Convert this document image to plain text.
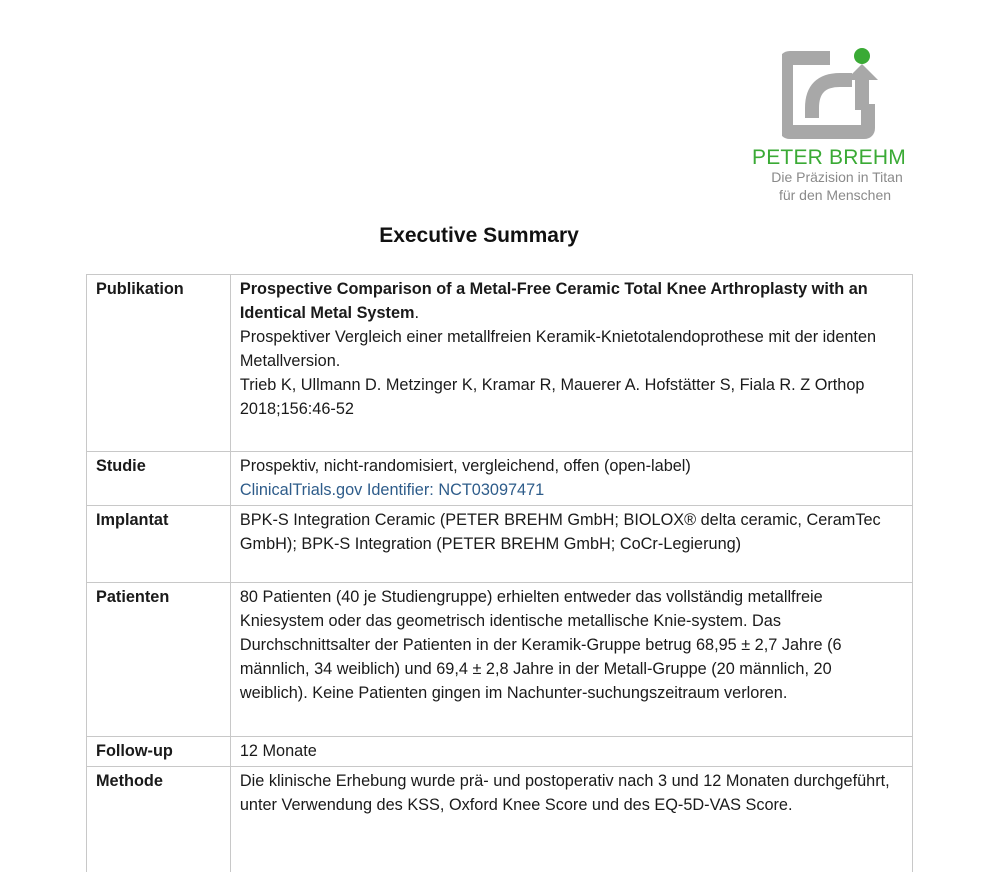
PETER BREHM
Die Präzision in Titan
für den Menschen
Executive Summary
Publikation	Prospective Comparison of a Metal-Free Ceramic Total Knee Arthroplasty with an Identical Metal System.
Prospektiver Vergleich einer metallfreien Keramik-Knietotalendoprothese mit der identen Metallversion.
Trieb K, Ullmann D. Metzinger K, Kramar R, Mauerer A. Hofstätter S, Fiala R. Z Orthop 2018;156:46-52
Studie	Prospektiv, nicht-randomisiert, vergleichend, offen (open-label)
ClinicalTrials.gov Identifier: NCT03097471
Implantat	BPK-S Integration Ceramic (PETER BREHM GmbH; BIOLOX® delta ceramic, CeramTec GmbH); BPK-S Integration (PETER BREHM GmbH; CoCr-Legierung)
Patienten	80 Patienten (40 je Studiengruppe) erhielten entweder das vollständig metallfreie Kniesystem oder das geometrisch identische metallische Knie-system. Das Durchschnittsalter der Patienten in der Keramik-Gruppe betrug 68,95 ± 2,7 Jahre (6 männlich, 34 weiblich) und 69,4 ± 2,8 Jahre in der Metall-Gruppe (20 männlich, 20 weiblich). Keine Patienten gingen im Nachunter-suchungszeitraum verloren.
Follow-up	12 Monate
Methode	Die klinische Erhebung wurde prä- und postoperativ nach 3 und 12 Monaten durchgeführt, unter Verwendung des KSS, Oxford Knee Score und des EQ-5D-VAS Score.
